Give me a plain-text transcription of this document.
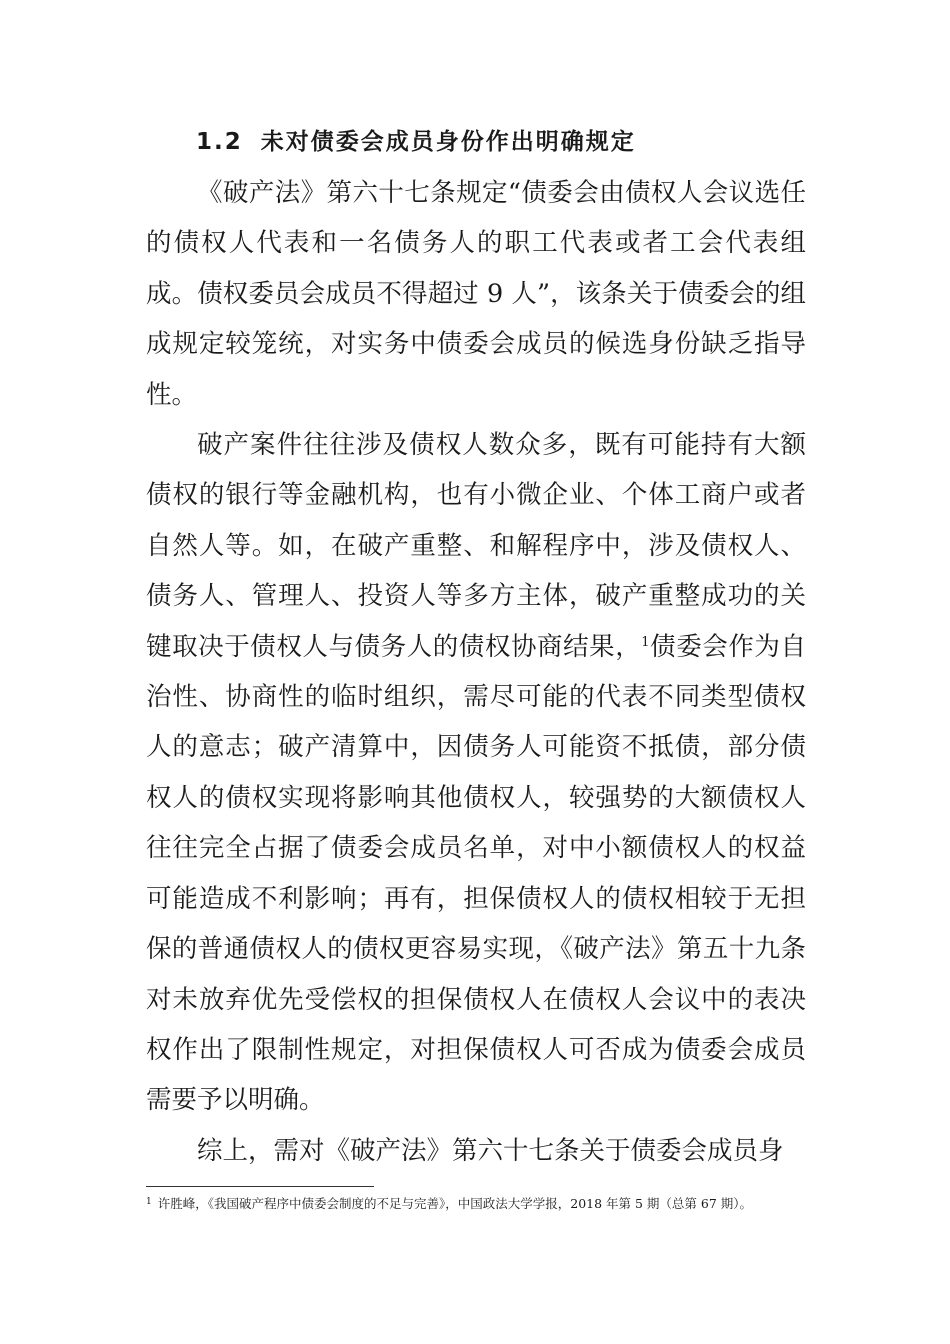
1.2 未对债委会成员身份作出明确规定

《破产法》第六十七条规定“债委会由债权人会议选任的债权人代表和一名债务人的职工代表或者工会代表组成。债权委员会成员不得超过 9 人”，该条关于债委会的组成规定较笼统，对实务中债委会成员的候选身份缺乏指导性。

破产案件往往涉及债权人数众多，既有可能持有大额债权的银行等金融机构，也有小微企业、个体工商户或者自然人等。如，在破产重整、和解程序中，涉及债权人、债务人、管理人、投资人等多方主体，破产重整成功的关键取决于债权人与债务人的债权协商结果，$^1$债委会作为自治性、协商性的临时组织，需尽可能的代表不同类型债权人的意志；破产清算中，因债务人可能资不抵债，部分债权人的债权实现将影响其他债权人，较强势的大额债权人往往完全占据了债委会成员名单，对中小额债权人的权益可能造成不利影响；再有，担保债权人的债权相较于无担保的普通债权人的债权更容易实现，《破产法》第五十九条对未放弃优先受偿权的担保债权人在债权人会议中的表决权作出了限制性规定，对担保债权人可否成为债委会成员需要予以明确。

综上，需对《破产法》第六十七条关于债委会成员身

$^1$ 许胜峰，《我国破产程序中债委会制度的不足与完善》，中国政法大学学报，2018 年第 5 期（总第 67 期）。
